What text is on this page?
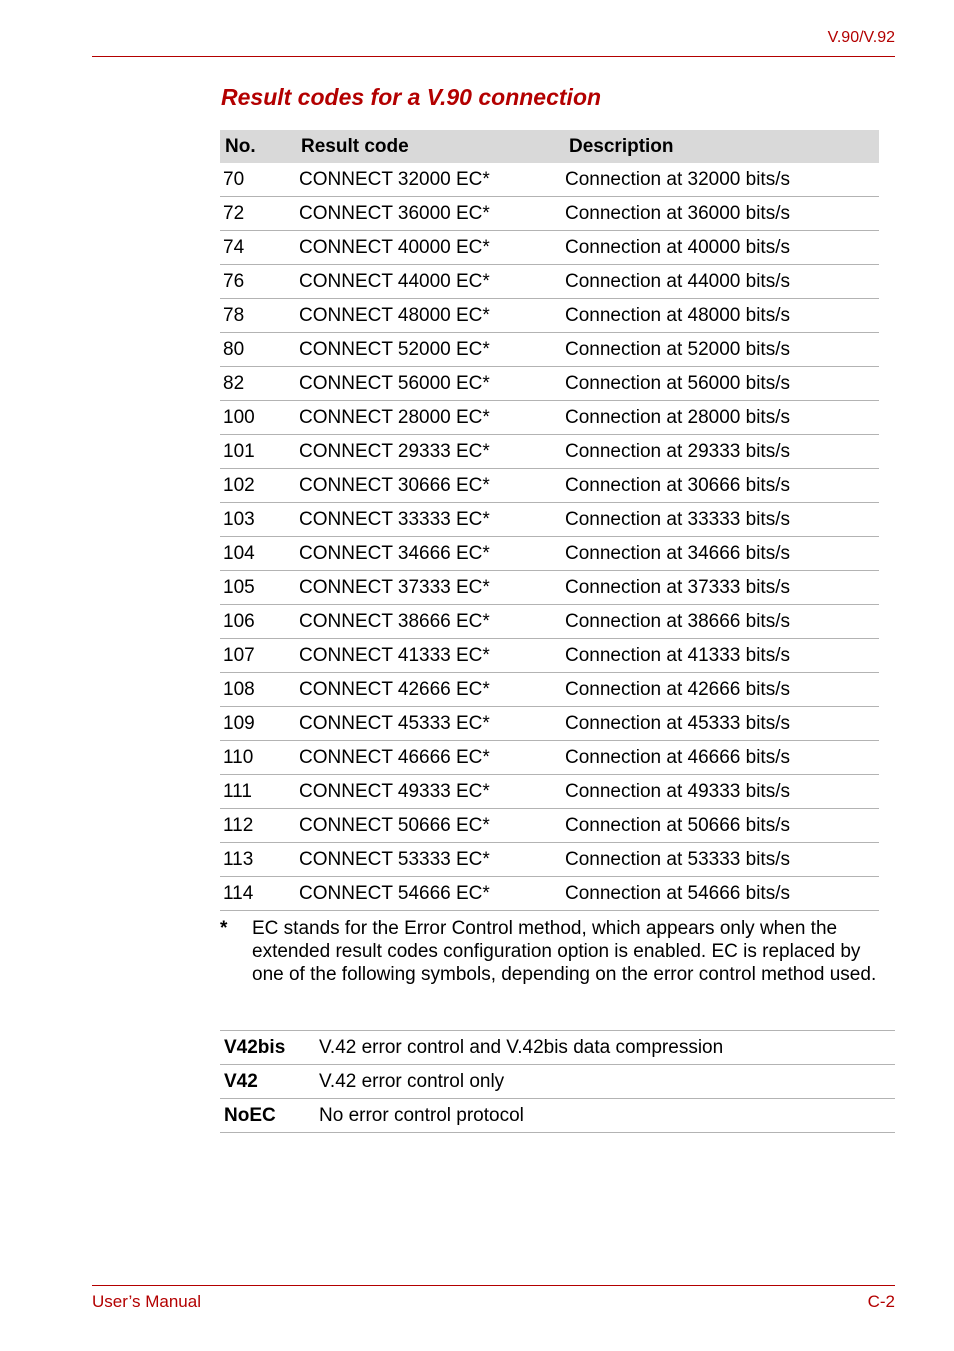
V.90/V.92
Result codes for a V.90 connection
No.	Result code	Description
70	CONNECT 32000 EC*	Connection at 32000 bits/s
72	CONNECT 36000 EC*	Connection at 36000 bits/s
74	CONNECT 40000 EC*	Connection at 40000 bits/s
76	CONNECT 44000 EC*	Connection at 44000 bits/s
78	CONNECT 48000 EC*	Connection at 48000 bits/s
80	CONNECT 52000 EC*	Connection at 52000 bits/s
82	CONNECT 56000 EC*	Connection at 56000 bits/s
100	CONNECT 28000 EC*	Connection at 28000 bits/s
101	CONNECT 29333 EC*	Connection at 29333 bits/s
102	CONNECT 30666 EC*	Connection at 30666 bits/s
103	CONNECT 33333 EC*	Connection at 33333 bits/s
104	CONNECT 34666 EC*	Connection at 34666 bits/s
105	CONNECT 37333 EC*	Connection at 37333 bits/s
106	CONNECT 38666 EC*	Connection at 38666 bits/s
107	CONNECT 41333 EC*	Connection at 41333 bits/s
108	CONNECT 42666 EC*	Connection at 42666 bits/s
109	CONNECT 45333 EC*	Connection at 45333 bits/s
110	CONNECT 46666 EC*	Connection at 46666 bits/s
111	CONNECT 49333 EC*	Connection at 49333 bits/s
112	CONNECT 50666 EC*	Connection at 50666 bits/s
113	CONNECT 53333 EC*	Connection at 53333 bits/s
114	CONNECT 54666 EC*	Connection at 54666 bits/s
* EC stands for the Error Control method, which appears only when the extended result codes configuration option is enabled. EC is replaced by one of the following symbols, depending on the error control method used.
V42bis	V.42 error control and V.42bis data compression
V42	V.42 error control only
NoEC	No error control protocol
User’s Manual	C-2
